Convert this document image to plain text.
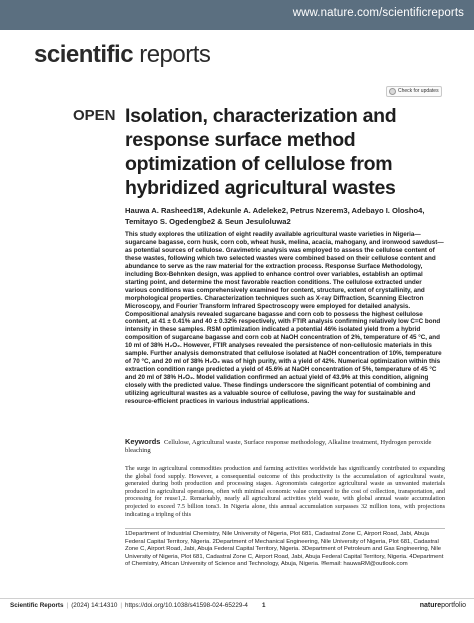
www.nature.com/scientificreports
scientific reports
Check for updates
OPEN Isolation, characterization and response surface method optimization of cellulose from hybridized agricultural wastes
Hauwa A. Rasheed1✉, Adekunle A. Adeleke2, Petrus Nzerem3, Adebayo I. Olosho4, Temitayo S. Ogedengbe2 & Seun Jesuloluwa2

This study explores the utilization of eight readily available agricultural waste varieties in Nigeria—sugarcane bagasse, corn husk, corn cob, wheat husk, melina, acacia, mahogany, and ironwood sawdust—as potential sources of cellulose. Gravimetric analysis was employed to assess the cellulose content of these wastes, following which two selected wastes were combined based on their cellulose content and abundance to serve as the raw material for the extraction process. Response Surface Methodology, including Box-Behnken design, was applied to enhance control over variables, establish an optimal starting point, and determine the most favorable reaction conditions. The cellulose extracted under various conditions was comprehensively examined for content, structure, extent of crystallinity, and morphological properties. Characterization techniques such as X-ray Diffraction, Scanning Electron Microscopy, and Fourier Transform Infrared Spectroscopy were employed for detailed analysis. Compositional analysis revealed sugarcane bagasse and corn cob to possess the highest cellulose content, at 41 ± 0.41% and 40 ± 0.32% respectively, with FTIR analysis confirming relatively low C=C bond intensity in these samples. RSM optimization indicated a potential 46% isolated yield from a hybrid composition of sugarcane bagasse and corn cob at NaOH concentration of 2%, temperature of 45 °C, and 10 ml of 38% H₂O₂. However, FTIR analyses revealed the persistence of non-cellulosic materials in this sample. Further analysis demonstrated that cellulose isolated at NaOH concentration of 10%, temperature of 70 °C, and 20 ml of 38% H₂O₂ was of high purity, with a yield of 42%. Numerical optimization within this extraction condition range predicted a yield of 45.6% at NaOH concentration of 5%, temperature of 45 °C and 20 ml of 38% H₂O₂. Model validation confirmed an actual yield of 43.9% at this condition, aligning closely with the predicted value. These findings underscore the significant potential of combining and utilizing agricultural wastes as a valuable source of cellulose, paving the way for sustainable and resource-efficient practices in various industrial applications.

Keywords Cellulose, Agricultural waste, Surface response methodology, Alkaline treatment, Hydrogen peroxide bleaching

The surge in agricultural commodities production and farming activities worldwide has significantly contributed to expanding the global food supply. However, a consequential outcome of this productivity is the accumulation of agricultural waste, generated during both production and processing stages. Agronomists categorize agricultural waste as unwanted materials produced in agricultural operations, often with minimal economic value compared to the cost of collection, transportation, and processing for reuse1,2. Remarkably, nearly all agricultural activities yield waste, with global annual waste accumulation projected to exceed 7.5 billion tons3. In Nigeria alone, this annual accumulation surpasses 32 million tons, with projections indicating a tripling of this

1Department of Industrial Chemistry, Nile University of Nigeria, Plot 681, Cadastral Zone C, Airport Road, Jabi, Abuja Federal Capital Territory, Nigeria. 2Department of Mechanical Engineering, Nile University of Nigeria, Plot 681, Cadastral Zone C, Airport Road, Jabi, Abuja Federal Capital Territory, Nigeria. 3Department of Petroleum and Gas Engineering, Nile University of Nigeria, Plot 681, Cadastral Zone C, Airport Road, Jabi, Abuja Federal Capital Territory, Nigeria. 4Department of Chemistry, African University of Science and Technology, Abuja, Nigeria. ✉email: hauwaRM@outlook.com

Scientific Reports | (2024) 14:14310 | https://doi.org/10.1038/s41598-024-65229-4 1	natureportfolio
